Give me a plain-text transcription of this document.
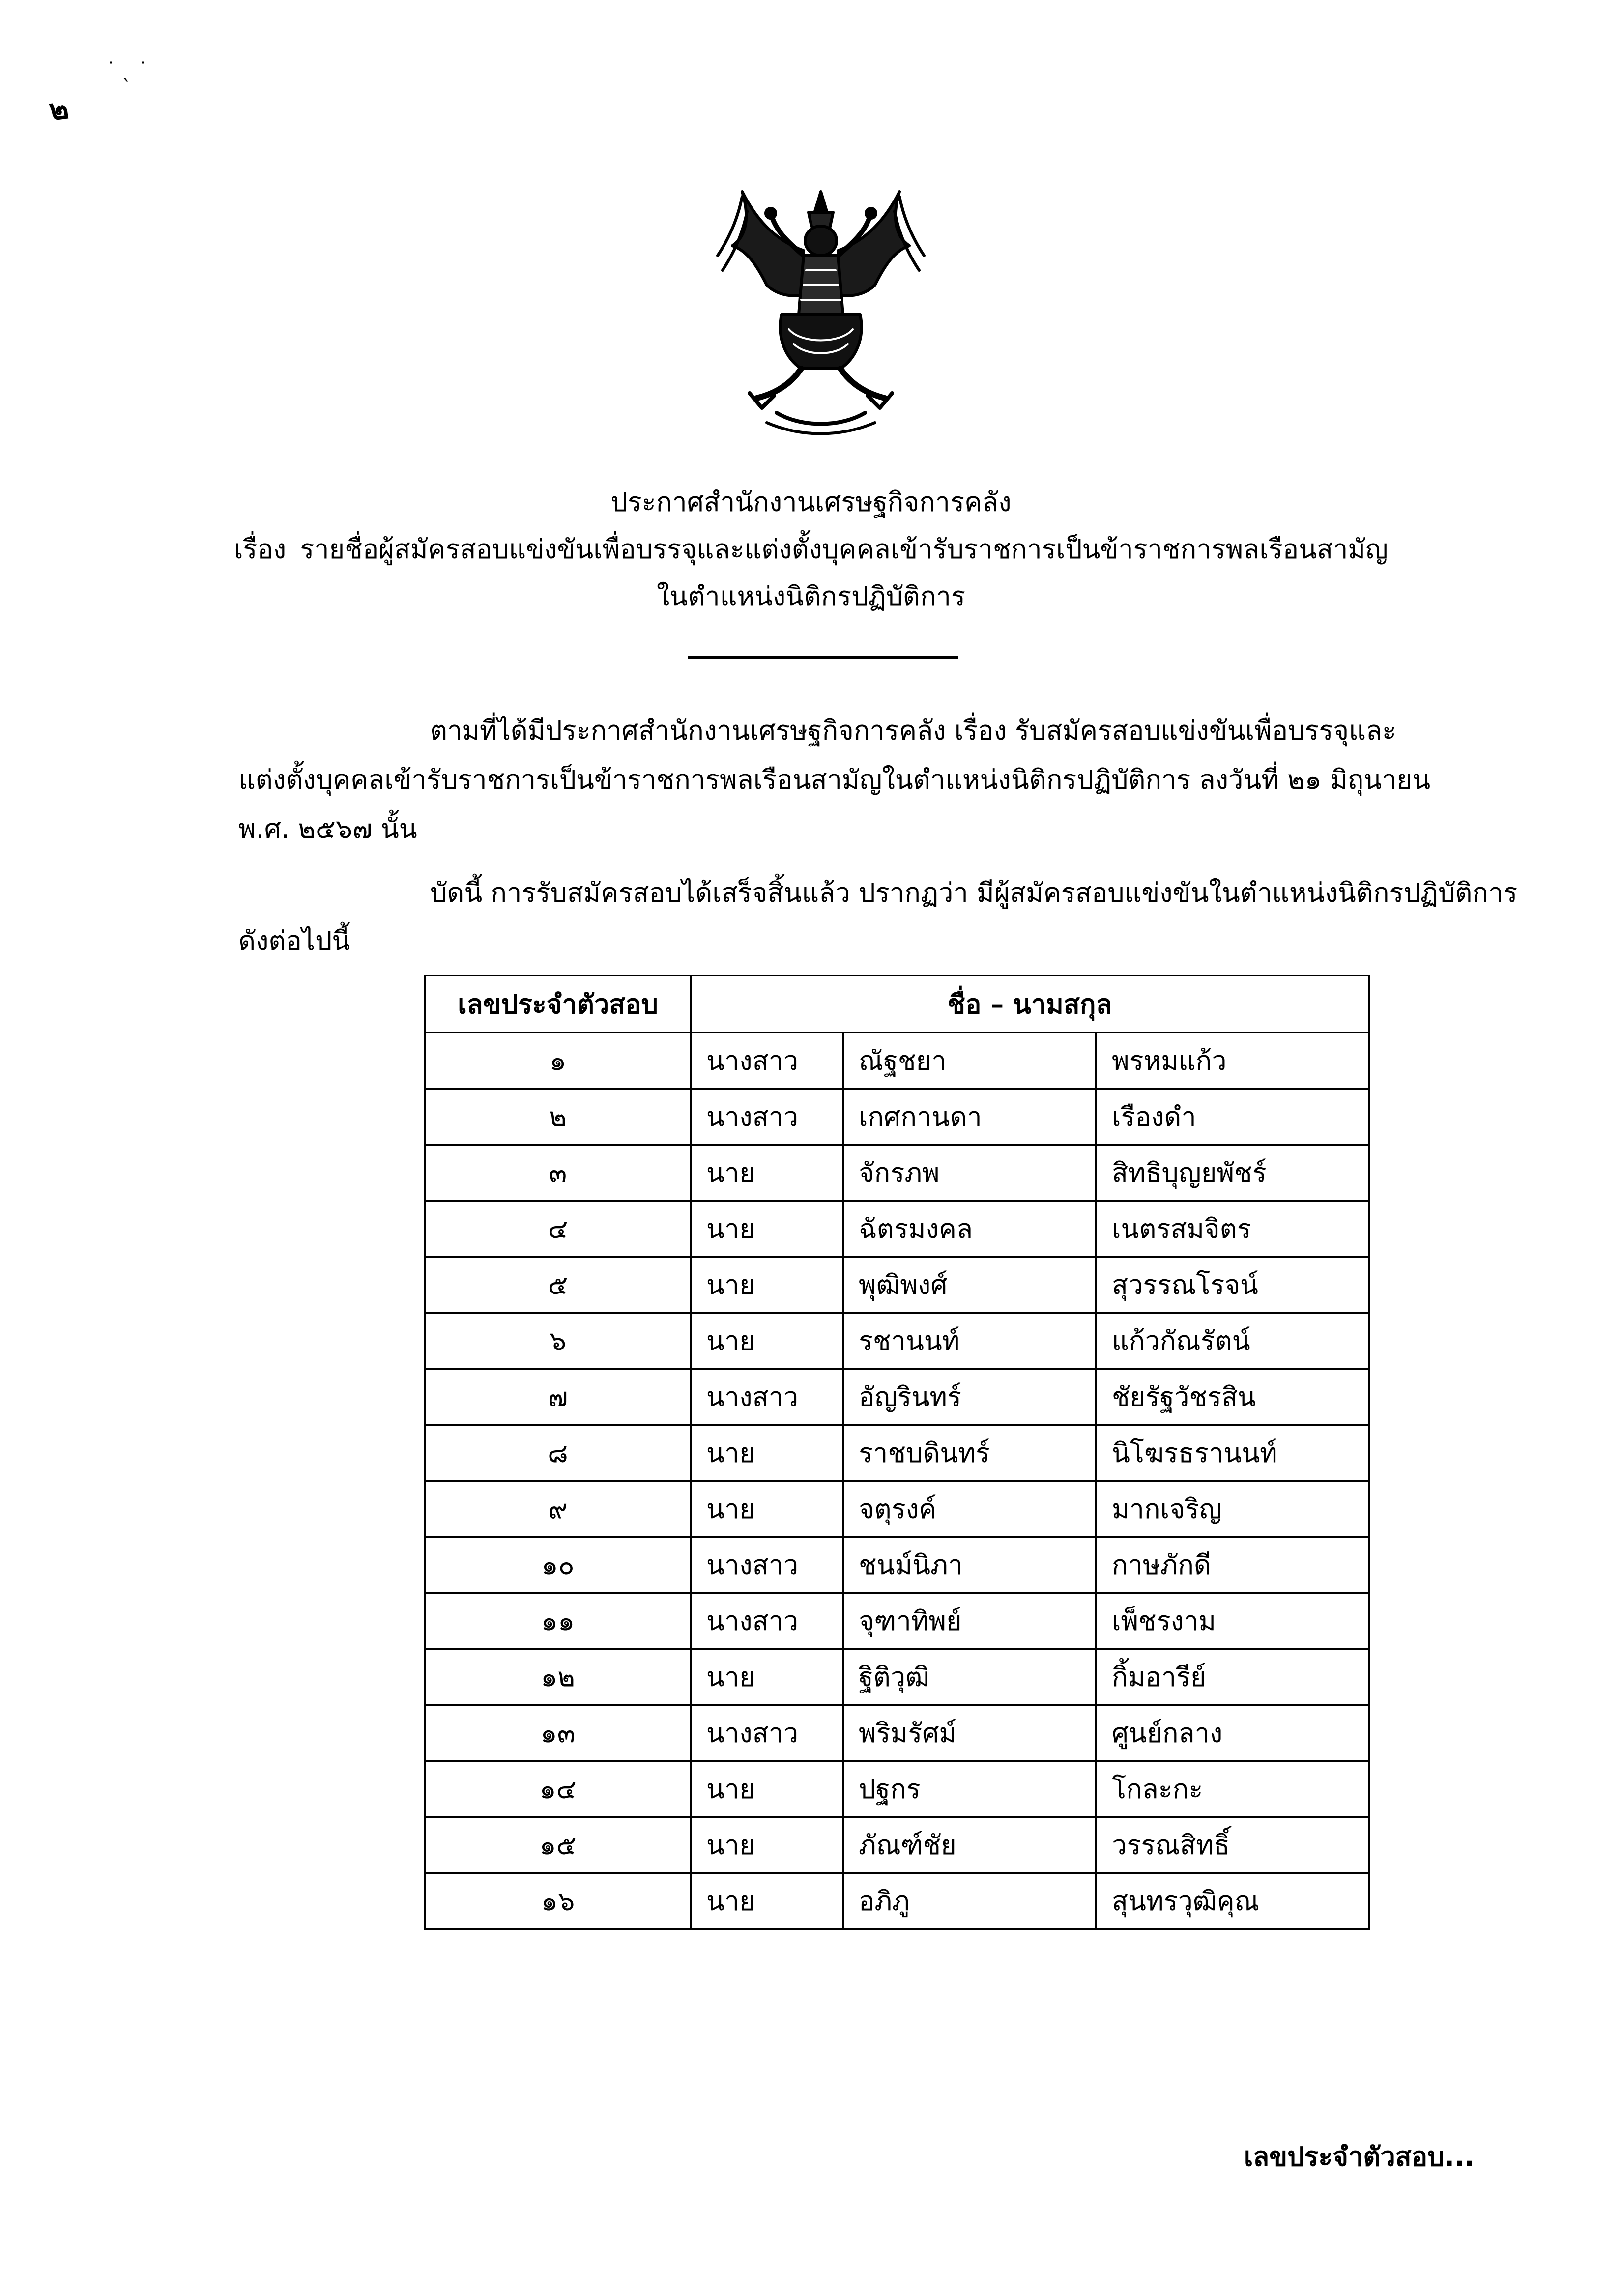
๒
˙ ˎ ˙
ประกาศสำนักงานเศรษฐกิจการคลัง
เรื่อง รายชื่อผู้สมัครสอบแข่งขันเพื่อบรรจุและแต่งตั้งบุคคลเข้ารับราชการเป็นข้าราชการพลเรือนสามัญ
ในตำแหน่งนิติกรปฏิบัติการ
ตามที่ได้มีประกาศสำนักงานเศรษฐกิจการคลัง เรื่อง รับสมัครสอบแข่งขันเพื่อบรรจุและ
แต่งตั้งบุคคลเข้ารับราชการเป็นข้าราชการพลเรือนสามัญในตำแหน่งนิติกรปฏิบัติการ ลงวันที่ ๒๑ มิถุนายน
พ.ศ. ๒๕๖๗ นั้น
บัดนี้ การรับสมัครสอบได้เสร็จสิ้นแล้ว ปรากฏว่า มีผู้สมัครสอบแข่งขันในตำแหน่งนิติกรปฏิบัติการ
ดังต่อไปนี้
เลขประจำตัวสอบ	ชื่อ – นามสกุล		
๑	นางสาว	ณัฐชยา	พรหมแก้ว
๒	นางสาว	เกศกานดา	เรืองดำ
๓	นาย	จักรภพ	สิทธิบุญยพัชร์
๔	นาย	ฉัตรมงคล	เนตรสมจิตร
๕	นาย	พุฒิพงศ์	สุวรรณโรจน์
๖	นาย	รชานนท์	แก้วกัณรัตน์
๗	นางสาว	อัญรินทร์	ชัยรัฐวัชรสิน
๘	นาย	ราชบดินทร์	นิโฆรธรานนท์
๙	นาย	จตุรงค์	มากเจริญ
๑๐	นางสาว	ชนม์นิภา	กาษภักดี
๑๑	นางสาว	จุฑาทิพย์	เพ็ชรงาม
๑๒	นาย	ฐิติวุฒิ	กิ้มอารีย์
๑๓	นางสาว	พริมรัศม์	ศูนย์กลาง
๑๔	นาย	ปฐกร	โกละกะ
๑๕	นาย	ภัณฑ์ชัย	วรรณสิทธิ์
๑๖	นาย	อภิภู	สุนทรวุฒิคุณ
เลขประจำตัวสอบ...
